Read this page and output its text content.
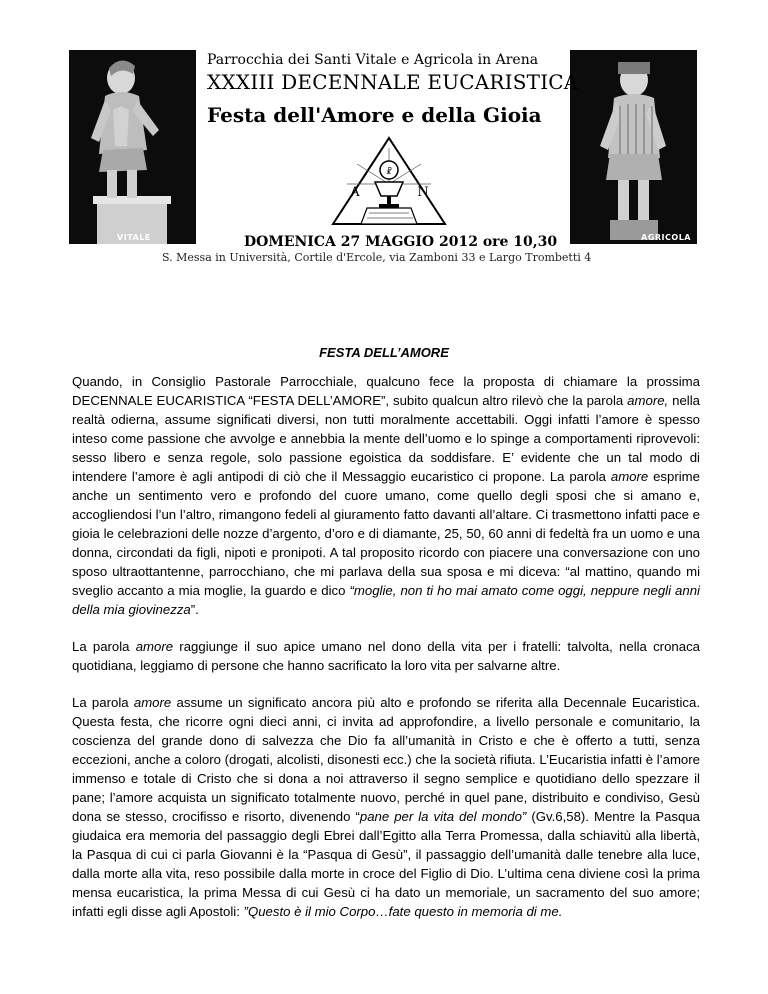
VITALE	AGRICOLA
Parrocchia dei Santi Vitale e Agricola in Arena
XXXIII DECENNALE EUCARISTICA
Festa dell'Amore e della Gioia
☧
A	N
DOMENICA 27 MAGGIO 2012 ore 10,30
S. Messa in Università, Cortile d'Ercole, via Zamboni 33 e Largo Trombetti 4
FESTA DELL’AMORE
Quando, in Consiglio Pastorale Parrocchiale, qualcuno fece la proposta di chiamare la prossima DECENNALE EUCARISTICA “FESTA DELL’AMORE”, subito qualcun altro rilevò che la parola amore, nella realtà odierna, assume significati diversi, non tutti moralmente accettabili. Oggi infatti l’amore è spesso inteso come passione che avvolge e annebbia la mente dell’uomo e lo spinge a comportamenti riprovevoli: sesso libero e senza regole, solo passione egoistica da soddisfare. E’ evidente che un tal modo di intendere l’amore è agli antipodi di ciò che il Messaggio eucaristico ci propone. La parola amore esprime anche un sentimento vero e profondo del cuore umano, come quello degli sposi che si amano e, accogliendosi l’un l’altro, rimangono fedeli al giuramento fatto davanti all’altare. Ci trasmettono infatti pace e gioia le celebrazioni delle nozze d’argento, d’oro e di diamante, 25, 50, 60 anni di fedeltà fra un uomo e una donna, circondati da figli, nipoti e pronipoti. A tal proposito ricordo con piacere una conversazione con uno sposo ultraottantenne, parrocchiano, che mi parlava della sua sposa e mi diceva: “al mattino, quando mi sveglio accanto a mia moglie, la guardo e dico “moglie, non ti ho mai amato come oggi, neppure negli anni della mia giovinezza”.
La parola amore raggiunge il suo apice umano nel dono della vita per i fratelli: talvolta, nella cronaca quotidiana, leggiamo di persone che hanno sacrificato la loro vita per salvarne altre.
La parola amore assume un significato ancora più alto e profondo se riferita alla Decennale Eucaristica. Questa festa, che ricorre ogni dieci anni, ci invita ad approfondire, a livello personale e comunitario, la coscienza del grande dono di salvezza che Dio fa all’umanità in Cristo e che è offerto a tutti, senza eccezioni, anche a coloro (drogati, alcolisti, disonesti ecc.) che la società rifiuta. L’Eucaristia infatti è l’amore immenso e totale di Cristo che si dona a noi attraverso il segno semplice e quotidiano dello spezzare il pane; l’amore acquista un significato totalmente nuovo, perché in quel pane, distribuito e condiviso, Gesù dona se stesso, crocifisso e risorto, divenendo “pane per la vita del mondo” (Gv.6,58). Mentre la Pasqua giudaica era memoria del passaggio degli Ebrei dall’Egitto alla Terra Promessa, dalla schiavitù alla libertà, la Pasqua di cui ci parla Giovanni è la “Pasqua di Gesù”, il passaggio dell’umanità dalle tenebre alla luce, dalla morte alla vita, reso possibile dalla morte in croce del Figlio di Dio. L’ultima cena diviene così la prima mensa eucaristica, la prima Messa di cui Gesù ci ha dato un memoriale, un sacramento del suo amore; infatti egli disse agli Apostoli: ”Questo è il mio Corpo…fate questo in memoria di me.
